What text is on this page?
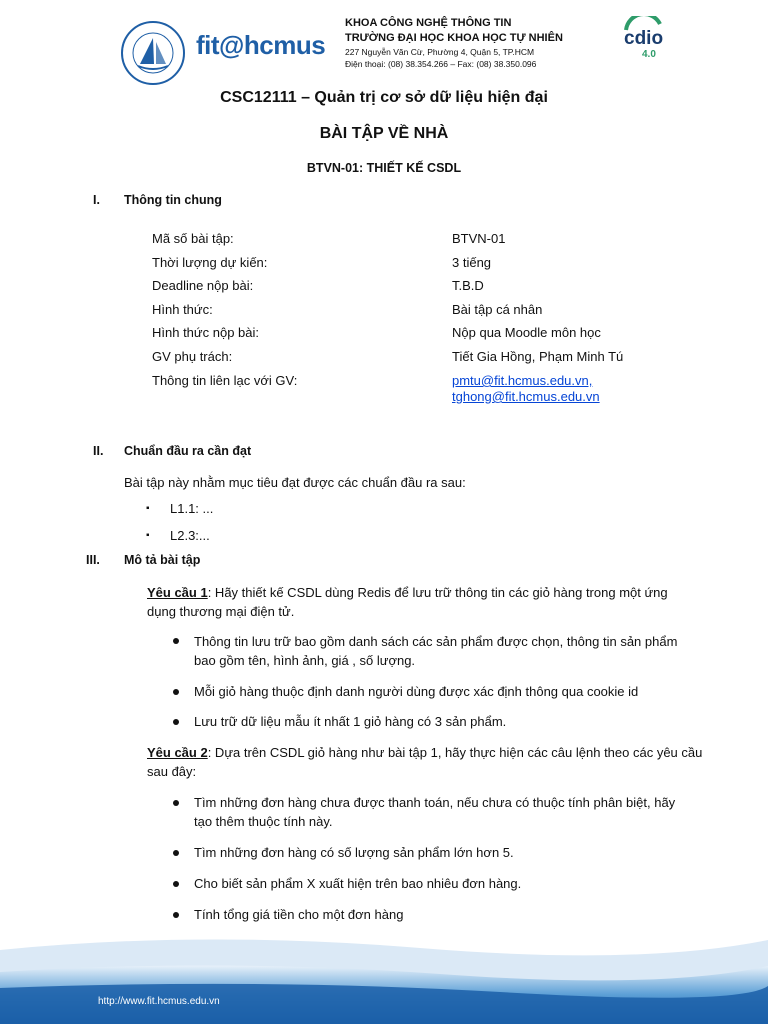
fit@hcmus
KHOA CÔNG NGHỆ THÔNG TIN
TRƯỜNG ĐẠI HỌC KHOA HỌC TỰ NHIÊN
227 Nguyễn Văn Cừ, Phường 4, Quận 5, TP.HCM
Điện thoại: (08) 38.354.266 – Fax: (08) 38.350.096
cdio
4.0
CSC12111 – Quản trị cơ sở dữ liệu hiện đại
BÀI TẬP VỀ NHÀ
BTVN-01: THIẾT KẾ CSDL
I. Thông tin chung
Mã số bài tập:	BTVN-01
Thời lượng dự kiến:	3 tiếng
Deadline nộp bài:	T.B.D
Hình thức:	Bài tập cá nhân
Hình thức nộp bài:	Nộp qua Moodle môn học
GV phụ trách:	Tiết Gia Hồng, Phạm Minh Tú
Thông tin liên lạc với GV:	pmtu@fit.hcmus.edu.vn,
tghong@fit.hcmus.edu.vn
II. Chuẩn đầu ra cần đạt
Bài tập này nhằm mục tiêu đạt được các chuẩn đầu ra sau:
▪ L1.1: ...
▪ L2.3:...
III. Mô tả bài tập
Yêu cầu 1: Hãy thiết kế CSDL dùng Redis để lưu trữ thông tin các giỏ hàng trong một ứng
dụng thương mại điện tử.
Thông tin lưu trữ bao gồm danh sách các sản phẩm được chọn, thông tin sản phẩm
bao gồm tên, hình ảnh, giá , số lượng.
Mỗi giỏ hàng thuộc định danh người dùng được xác định thông qua cookie id
Lưu trữ dữ liệu mẫu ít nhất 1 giỏ hàng có 3 sản phẩm.
Yêu cầu 2: Dựa trên CSDL giỏ hàng như bài tập 1, hãy thực hiện các câu lệnh theo các yêu cầu
sau đây:
Tìm những đơn hàng chưa được thanh toán, nếu chưa có thuộc tính phân biệt, hãy
tạo thêm thuộc tính này.
Tìm những đơn hàng có số lượng sản phẩm lớn hơn 5.
Cho biết sản phẩm X xuất hiện trên bao nhiêu đơn hàng.
Tính tổng giá tiền cho một đơn hàng
http://www.fit.hcmus.edu.vn
